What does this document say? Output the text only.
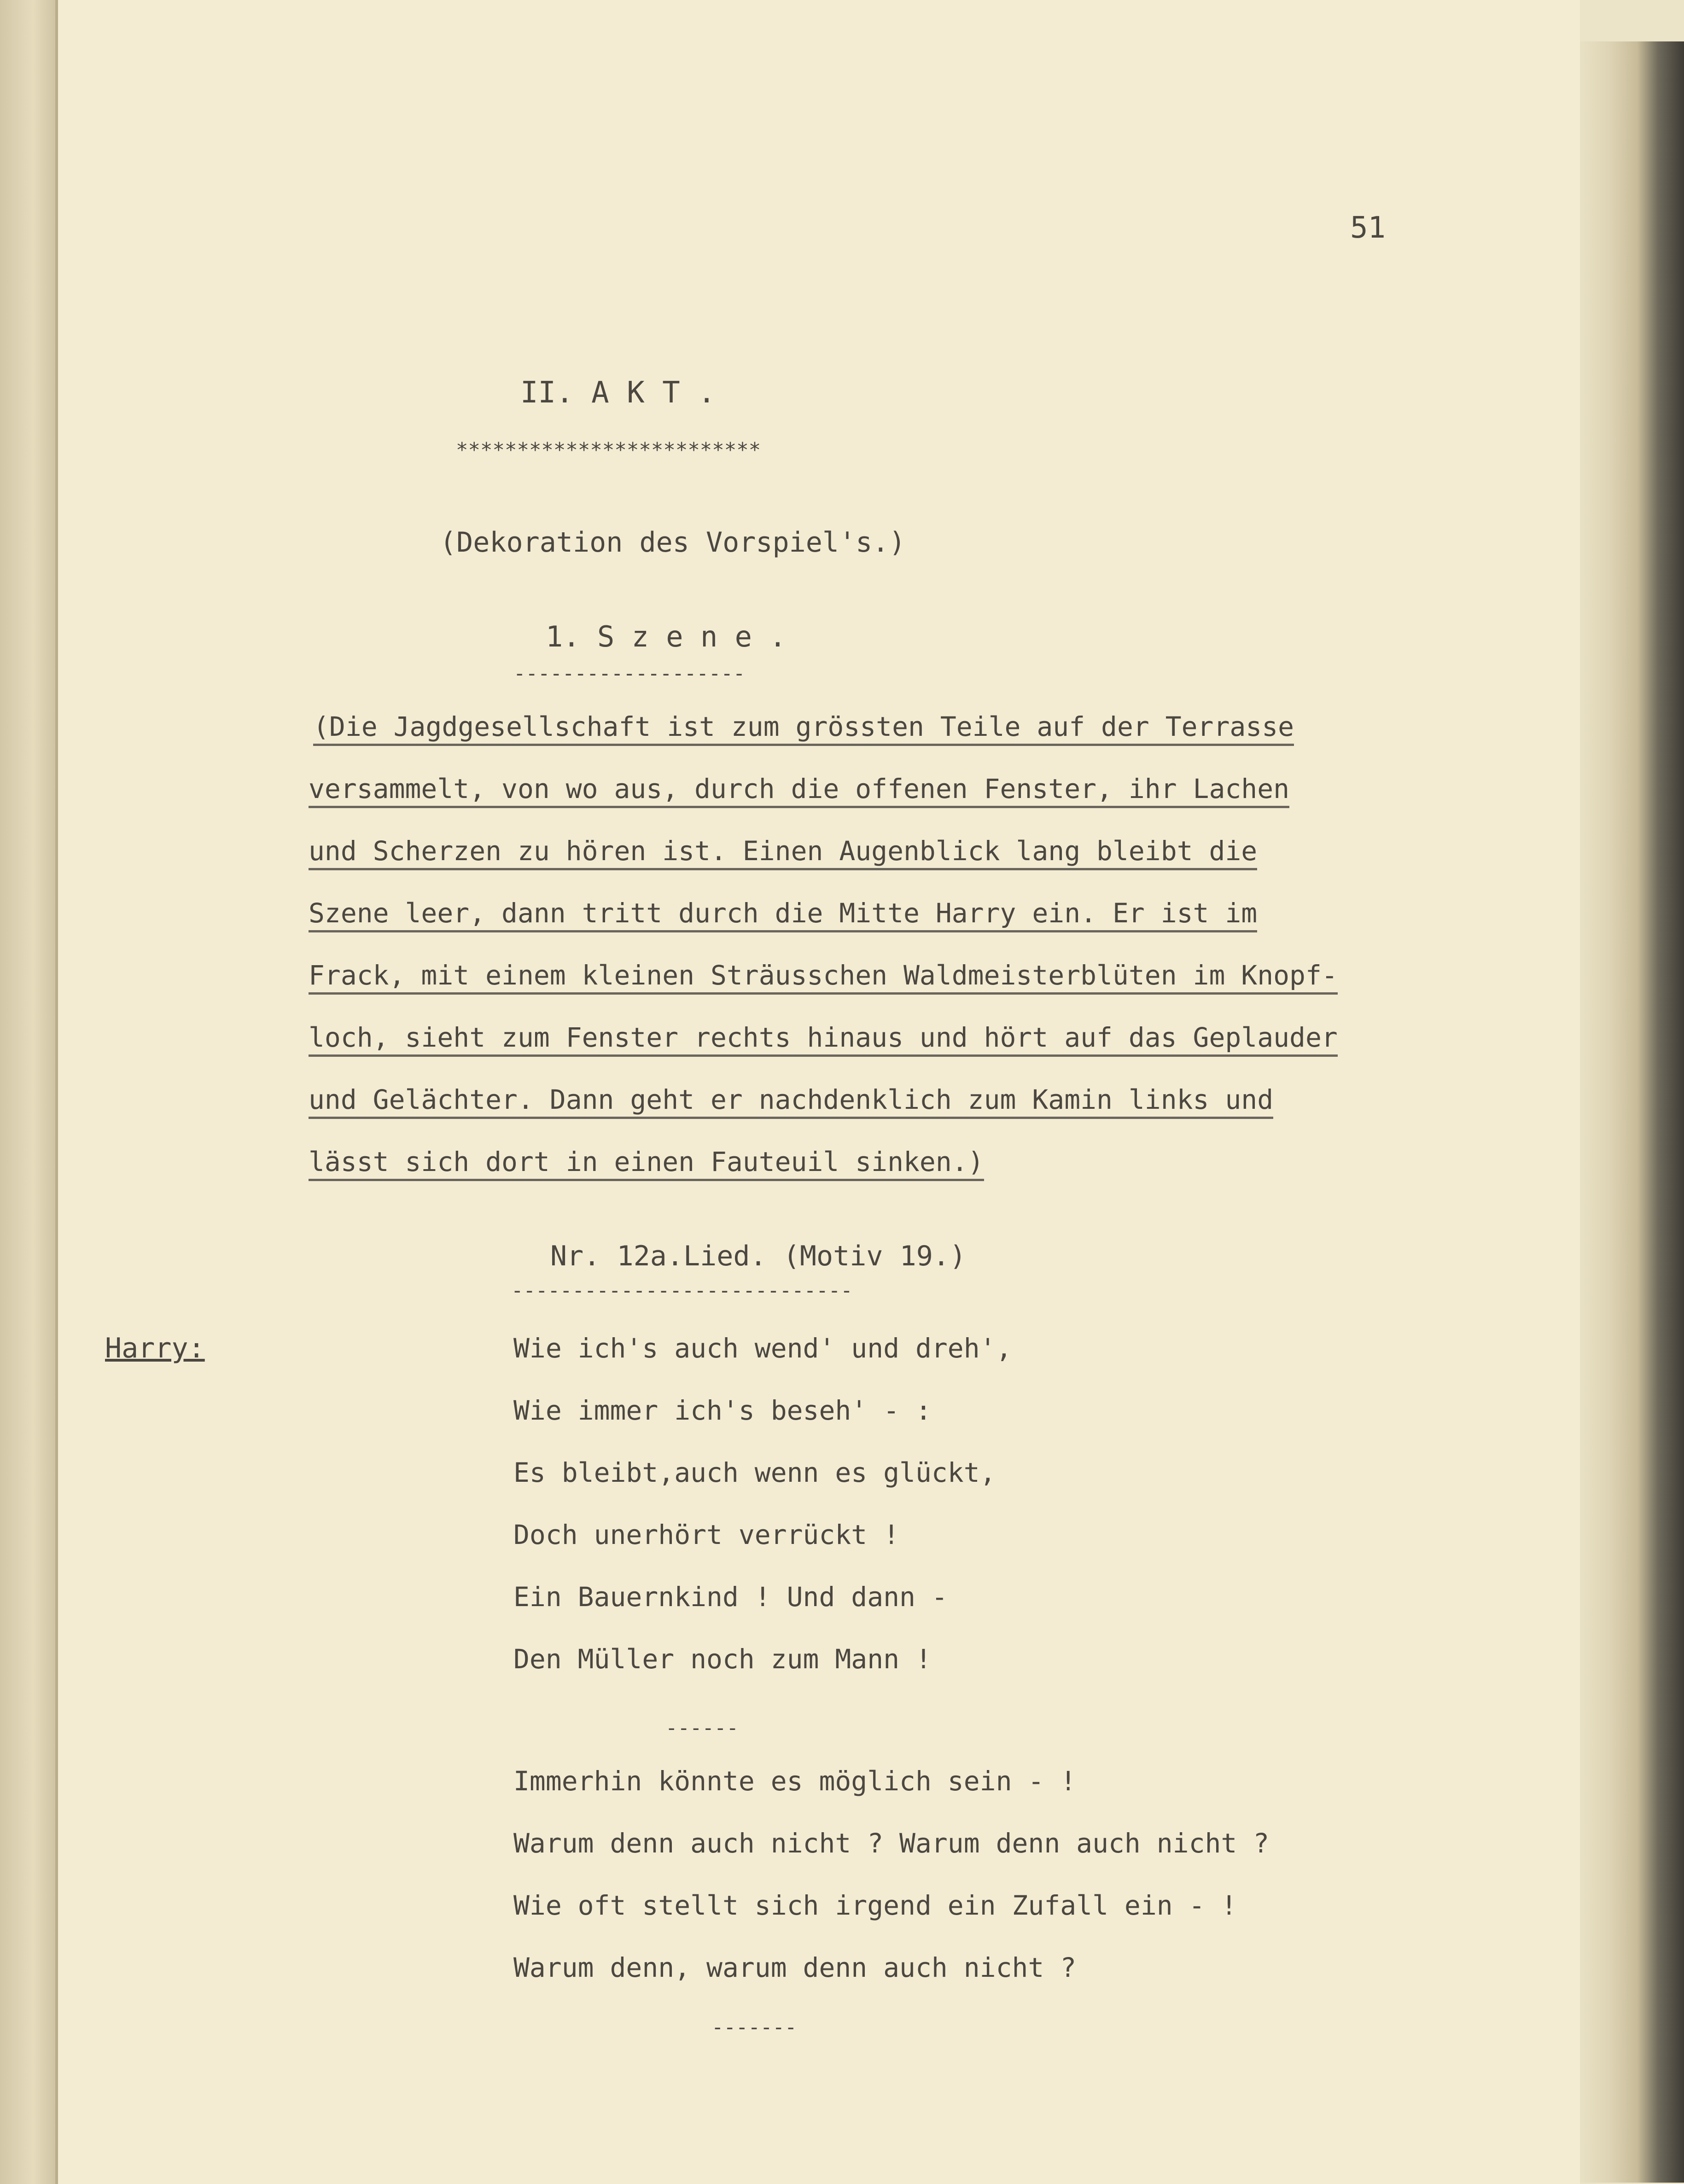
51

II. A K T .

*************************

(Dekoration des Vorspiel's.)

1. S z e n e .

-------------------

(Die Jagdgesellschaft ist zum grössten Teile auf der Terrasse

versammelt, von wo aus, durch die offenen Fenster, ihr Lachen

und Scherzen zu hören ist. Einen Augenblick lang bleibt die

Szene leer, dann tritt durch die Mitte Harry ein. Er ist im

Frack, mit einem kleinen Sträusschen Waldmeisterblüten im Knopf-

loch, sieht zum Fenster rechts hinaus und hört auf das Geplauder

und Gelächter. Dann geht er nachdenklich zum Kamin links und

lässt sich dort in einen Fauteuil sinken.)

Nr. 12a.Lied. (Motiv 19.)

----------------------------

Harry:	Wie ich's auch wend' und dreh',

Wie immer ich's beseh' - :

Es bleibt,auch wenn es glückt,

Doch unerhört verrückt !

Ein Bauernkind ! Und dann -

Den Müller noch zum Mann !

------

Immerhin könnte es möglich sein - !

Warum denn auch nicht ? Warum denn auch nicht ?

Wie oft stellt sich irgend ein Zufall ein - !

Warum denn, warum denn auch nicht ?

-------
